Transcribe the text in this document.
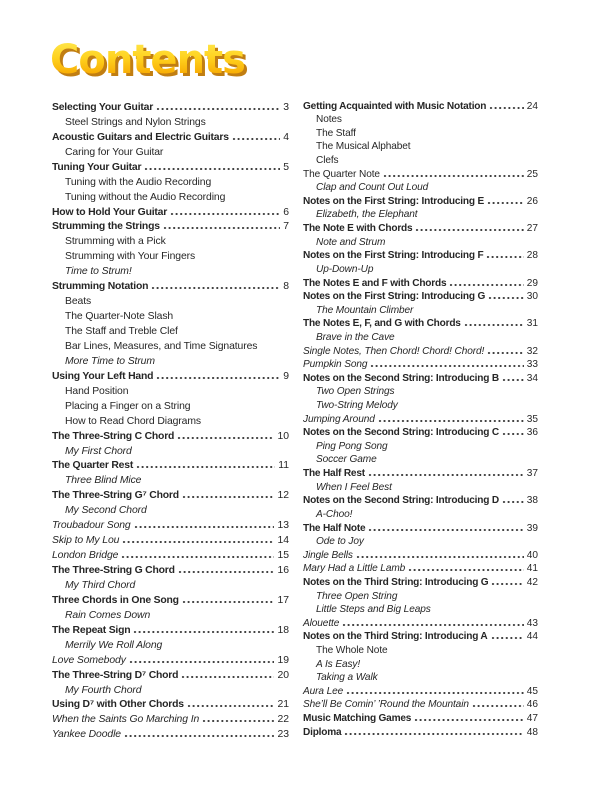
Contents
Selecting Your Guitar	3
Steel Strings and Nylon Strings
Acoustic Guitars and Electric Guitars	4
Caring for Your Guitar
Tuning Your Guitar	5
Tuning with the Audio Recording
Tuning without the Audio Recording
How to Hold Your Guitar	6
Strumming the Strings	7
Strumming with a Pick
Strumming with Your Fingers
Time to Strum!
Strumming Notation	8
Beats
The Quarter-Note Slash
The Staff and Treble Clef
Bar Lines, Measures, and Time Signatures
More Time to Strum
Using Your Left Hand	9
Hand Position
Placing a Finger on a String
How to Read Chord Diagrams
The Three-String C Chord	10
My First Chord
The Quarter Rest	11
Three Blind Mice
The Three-String G⁷ Chord	12
My Second Chord
Troubadour Song	13
Skip to My Lou	14
London Bridge	15
The Three-String G Chord	16
My Third Chord
Three Chords in One Song	17
Rain Comes Down
The Repeat Sign	18
Merrily We Roll Along
Love Somebody	19
The Three-String D⁷ Chord	20
My Fourth Chord
Using D⁷ with Other Chords	21
When the Saints Go Marching In	22
Yankee Doodle	23
Getting Acquainted with Music Notation	24
Notes
The Staff
The Musical Alphabet
Clefs
The Quarter Note	25
Clap and Count Out Loud
Notes on the First String: Introducing E	26
Elizabeth, the Elephant
The Note E with Chords	27
Note and Strum
Notes on the First String: Introducing F	28
Up-Down-Up
The Notes E and F with Chords	29
Notes on the First String: Introducing G	30
The Mountain Climber
The Notes E, F, and G with Chords	31
Brave in the Cave
Single Notes, Then Chord! Chord! Chord!	32
Pumpkin Song	33
Notes on the Second String: Introducing B	34
Two Open Strings
Two-String Melody
Jumping Around	35
Notes on the Second String: Introducing C	36
Ping Pong Song
Soccer Game
The Half Rest	37
When I Feel Best
Notes on the Second String: Introducing D	38
A-Choo!
The Half Note	39
Ode to Joy
Jingle Bells	40
Mary Had a Little Lamb	41
Notes on the Third String: Introducing G	42
Three Open String
Little Steps and Big Leaps
Alouette	43
Notes on the Third String: Introducing A	44
The Whole Note
A Is Easy!
Taking a Walk
Aura Lee	45
She’ll Be Comin’ ’Round the Mountain	46
Music Matching Games	47
Diploma	48
